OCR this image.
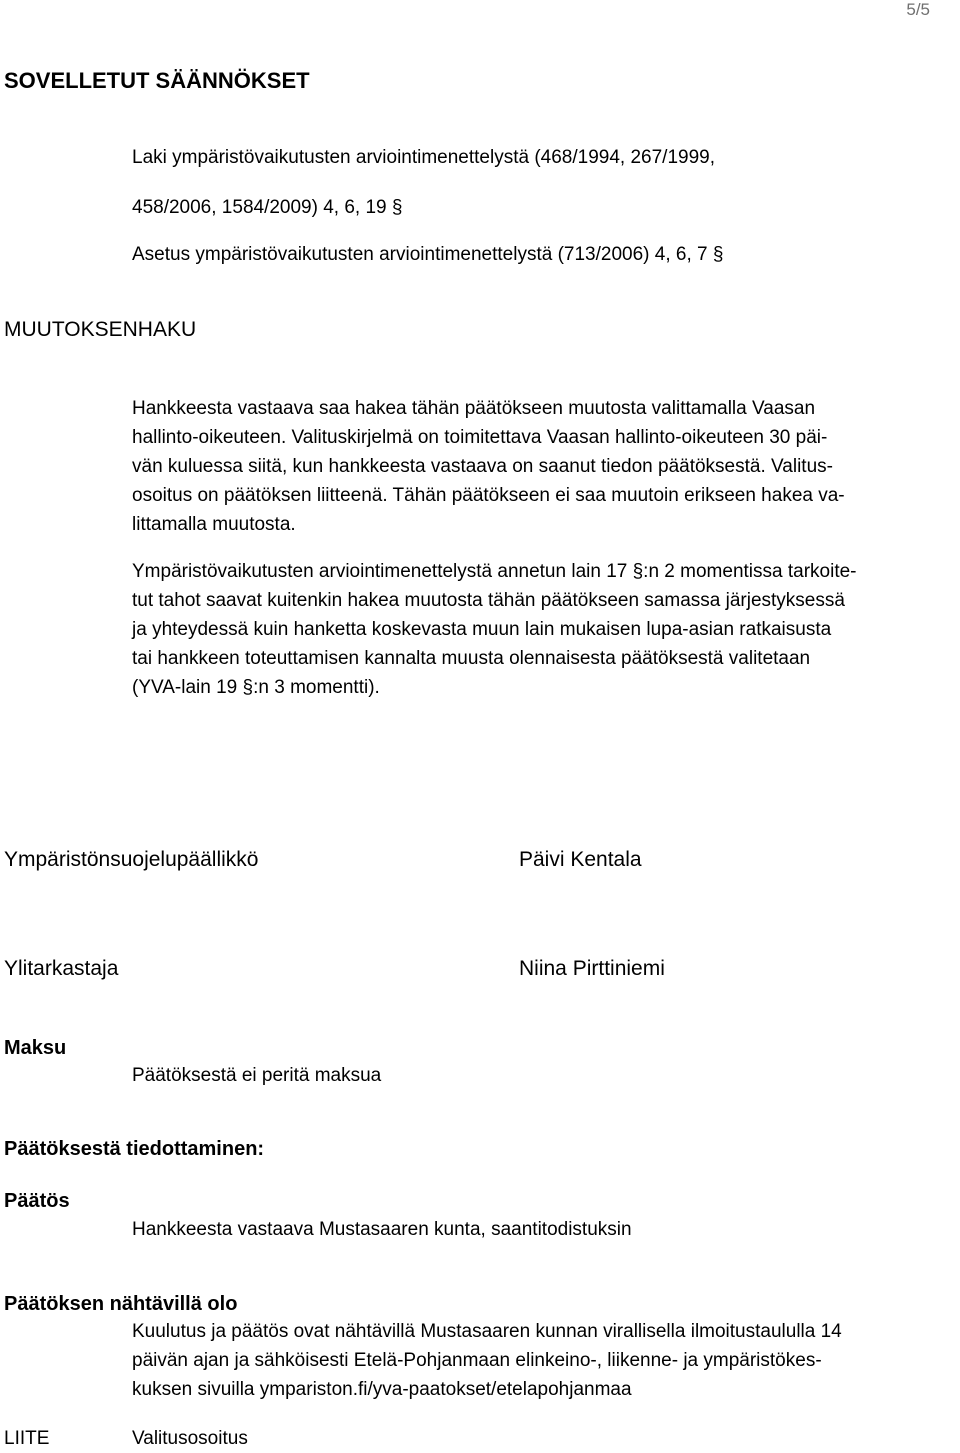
5/5
SOVELLETUT SÄÄNNÖKSET
Laki ympäristövaikutusten arviointimenettelystä (468/1994, 267/1999,
458/2006, 1584/2009) 4, 6, 19 §
Asetus ympäristövaikutusten arviointimenettelystä (713/2006) 4, 6, 7 §
MUUTOKSENHAKU
Hankkeesta vastaava saa hakea tähän päätökseen muutosta valittamalla Vaasan
hallinto-oikeuteen. Valituskirjelmä on toimitettava Vaasan hallinto-oikeuteen 30 päi-
vän kuluessa siitä, kun hankkeesta vastaava on saanut tiedon päätöksestä. Valitus-
osoitus on päätöksen liitteenä. Tähän päätökseen ei saa muutoin erikseen hakea va-
littamalla muutosta.
Ympäristövaikutusten arviointimenettelystä annetun lain 17 §:n 2 momentissa tarkoite-
tut tahot saavat kuitenkin hakea muutosta tähän päätökseen samassa järjestyksessä
ja yhteydessä kuin hanketta koskevasta muun lain mukaisen lupa-asian ratkaisusta
tai hankkeen toteuttamisen kannalta muusta olennaisesta päätöksestä valitetaan
(YVA-lain 19 §:n 3 momentti).
Ympäristönsuojelupäällikkö	Päivi Kentala
Ylitarkastaja	Niina Pirttiniemi
Maksu
Päätöksestä ei peritä maksua
Päätöksestä tiedottaminen:
Päätös
Hankkeesta vastaava Mustasaaren kunta, saantitodistuksin
Päätöksen nähtävillä olo
Kuulutus ja päätös ovat nähtävillä Mustasaaren kunnan virallisella ilmoitustaululla 14
päivän ajan ja sähköisesti Etelä-Pohjanmaan elinkeino-, liikenne- ja ympäristökes-
kuksen sivuilla ympariston.fi/yva-paatokset/etelapohjanmaa
LIITE	Valitusosoitus
